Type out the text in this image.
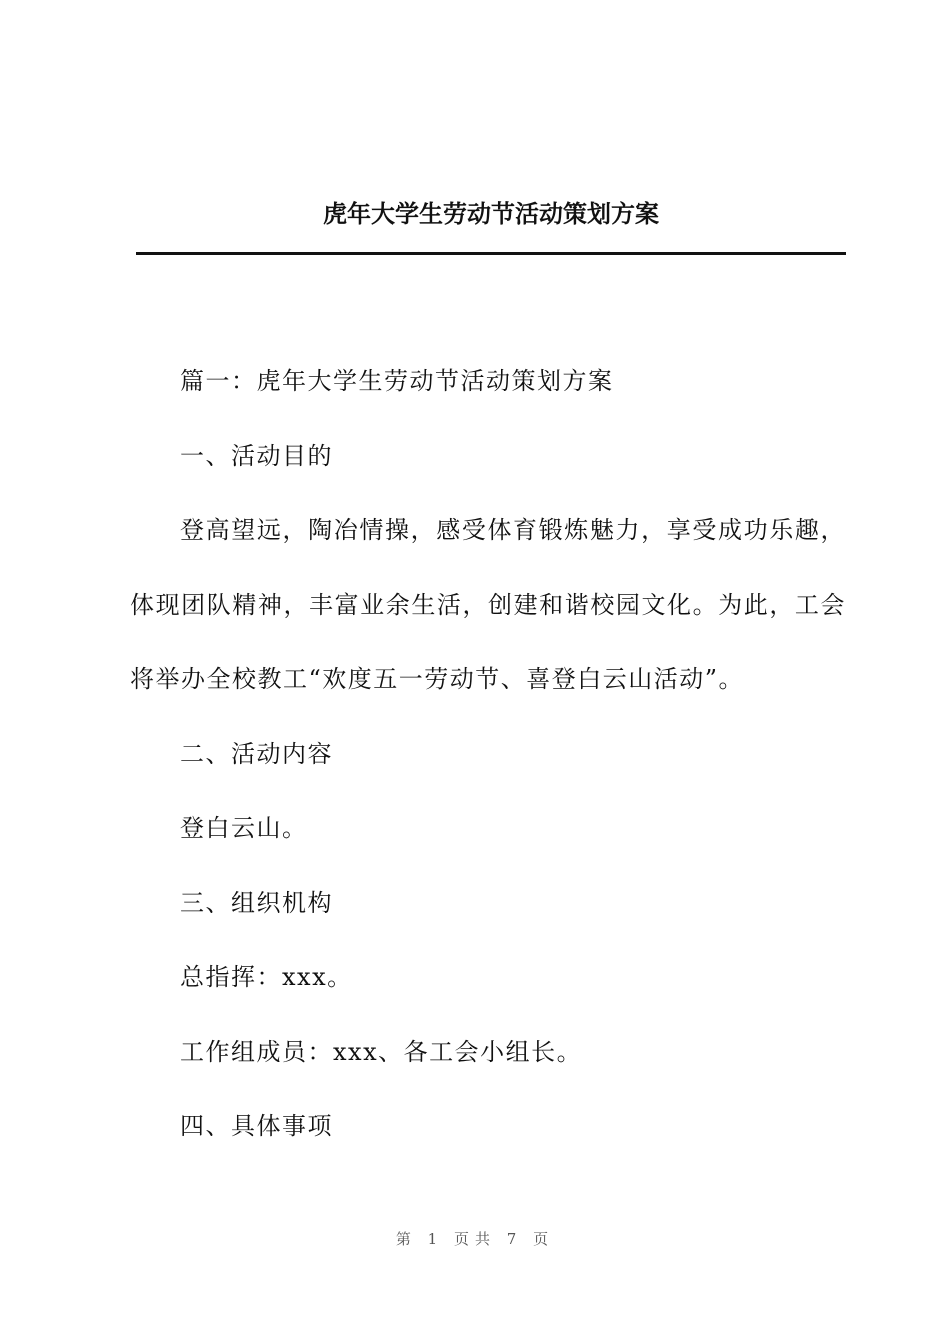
虎年大学生劳动节活动策划方案

篇一：虎年大学生劳动节活动策划方案

一、活动目的

登高望远，陶冶情操，感受体育锻炼魅力，享受成功乐趣，体现团队精神，丰富业余生活，创建和谐校园文化。为此，工会将举办全校教工“欢度五一劳动节、喜登白云山活动”。

二、活动内容

登白云山。

三、组织机构

总指挥：xxx。

工作组成员：xxx、各工会小组长。

四、具体事项

第 1 页共 7 页
